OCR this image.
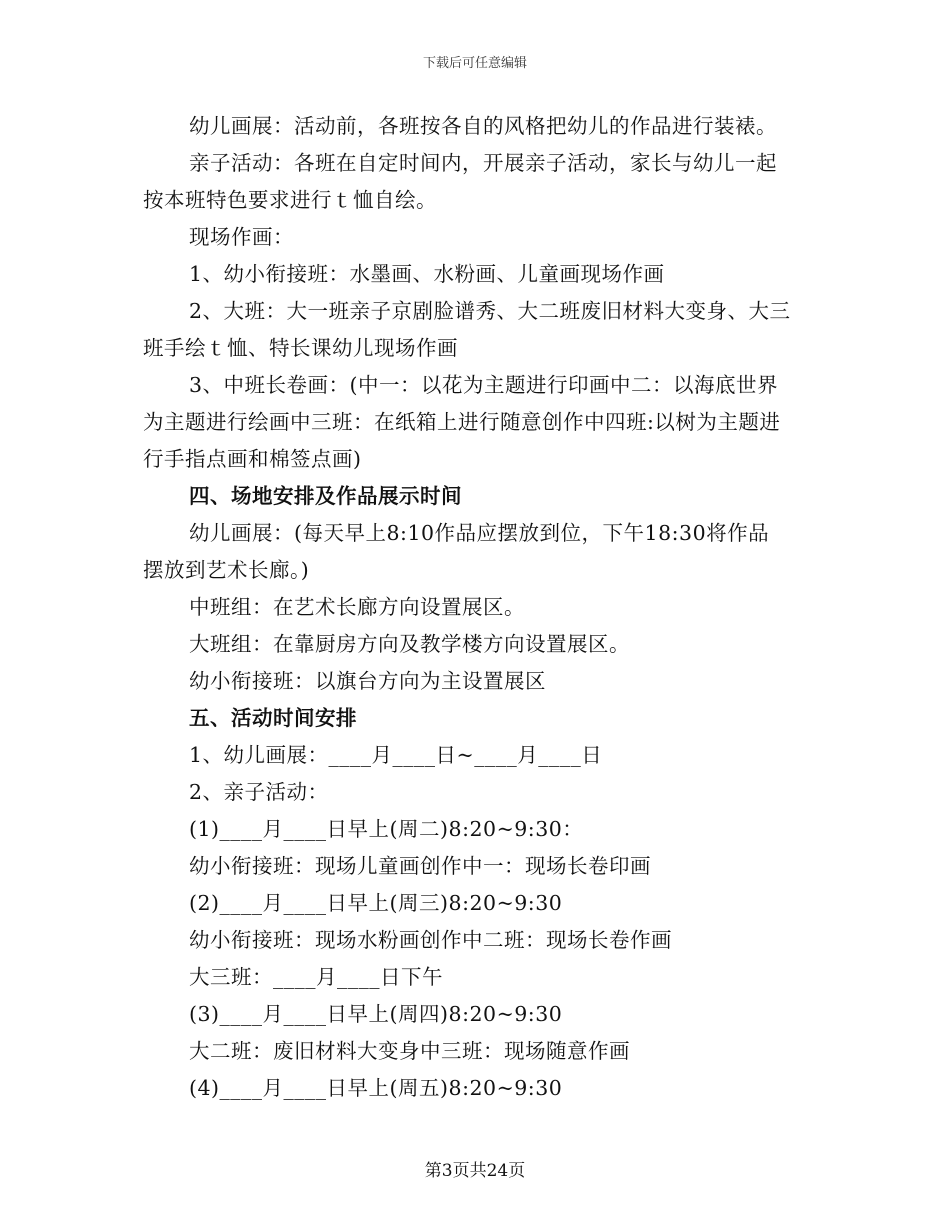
下载后可任意编辑
幼儿画展：活动前，各班按各自的风格把幼儿的作品进行装裱。
亲子活动：各班在自定时间内，开展亲子活动，家长与幼儿一起
按本班特色要求进行ｔ恤自绘。
现场作画：
1、幼小衔接班：水墨画、水粉画、儿童画现场作画
2、大班：大一班亲子京剧脸谱秀、大二班废旧材料大变身、大三
班手绘ｔ恤、特长课幼儿现场作画
3、中班长卷画：(中一：以花为主题进行印画中二：以海底世界
为主题进行绘画中三班：在纸箱上进行随意创作中四班:以树为主题进
行手指点画和棉签点画)
四、场地安排及作品展示时间
幼儿画展：(每天早上8:10作品应摆放到位，下午18:30将作品
摆放到艺术长廊。)
中班组：在艺术长廊方向设置展区。
大班组：在靠厨房方向及教学楼方向设置展区。
幼小衔接班：以旗台方向为主设置展区
五、活动时间安排
1、幼儿画展：____月____日~____月____日
2、亲子活动：
(1)____月____日早上(周二)8:20~9:30：
幼小衔接班：现场儿童画创作中一：现场长卷印画
(2)____月____日早上(周三)8:20~9:30
幼小衔接班：现场水粉画创作中二班：现场长卷作画
大三班：____月____日下午
(3)____月____日早上(周四)8:20~9:30
大二班：废旧材料大变身中三班：现场随意作画
(4)____月____日早上(周五)8:20~9:30
第3页共24页
